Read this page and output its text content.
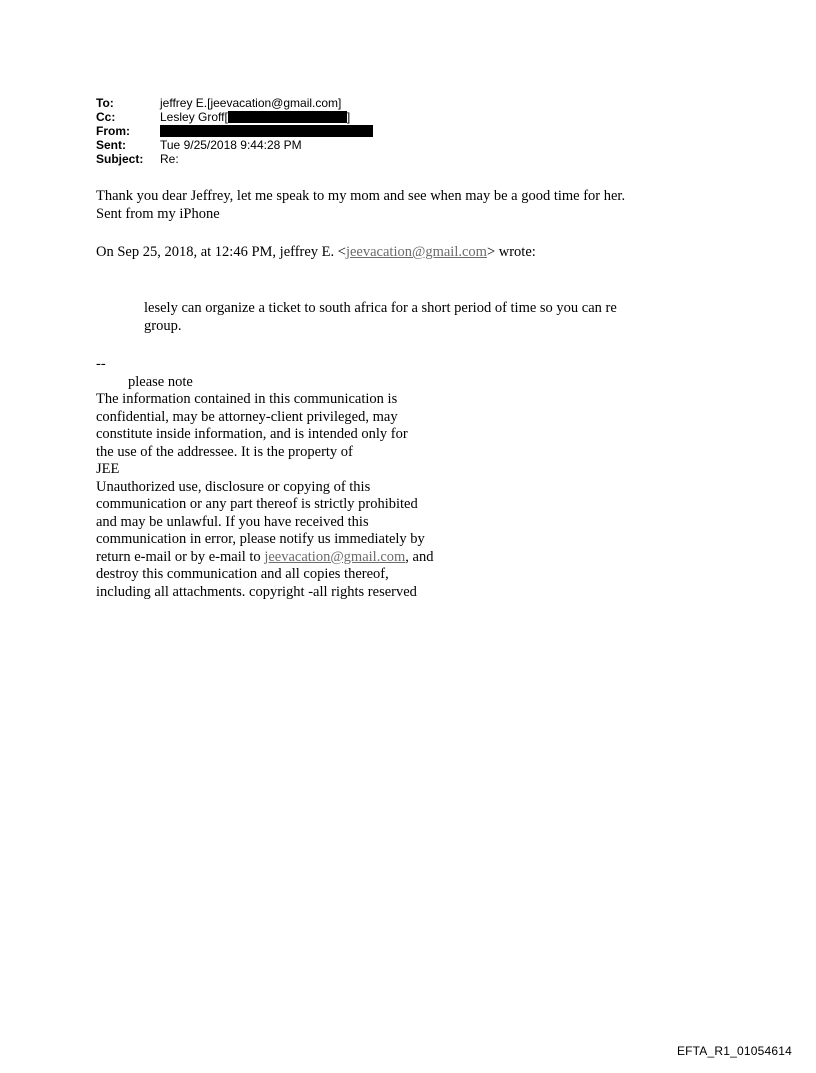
To:	jeffrey E.[jeevacation@gmail.com]
Cc:	Lesley Groff[	]
From:
Sent:	Tue 9/25/2018 9:44:28 PM
Subject:	Re:
Thank you dear Jeffrey, let me speak to my mom and see when may be a good time for her.
Sent from my iPhone
On Sep 25, 2018, at 12:46 PM, jeffrey E. <jeevacation@gmail.com> wrote:
lesely can organize a ticket to south africa for a short period of time so you can re
group.
--
please note
The information contained in this communication is
confidential, may be attorney-client privileged, may
constitute inside information, and is intended only for
the use of the addressee. It is the property of
JEE
Unauthorized use, disclosure or copying of this
communication or any part thereof is strictly prohibited
and may be unlawful. If you have received this
communication in error, please notify us immediately by
return e-mail or by e-mail to jeevacation@gmail.com, and
destroy this communication and all copies thereof,
including all attachments. copyright -all rights reserved
EFTA_R1_01054614
